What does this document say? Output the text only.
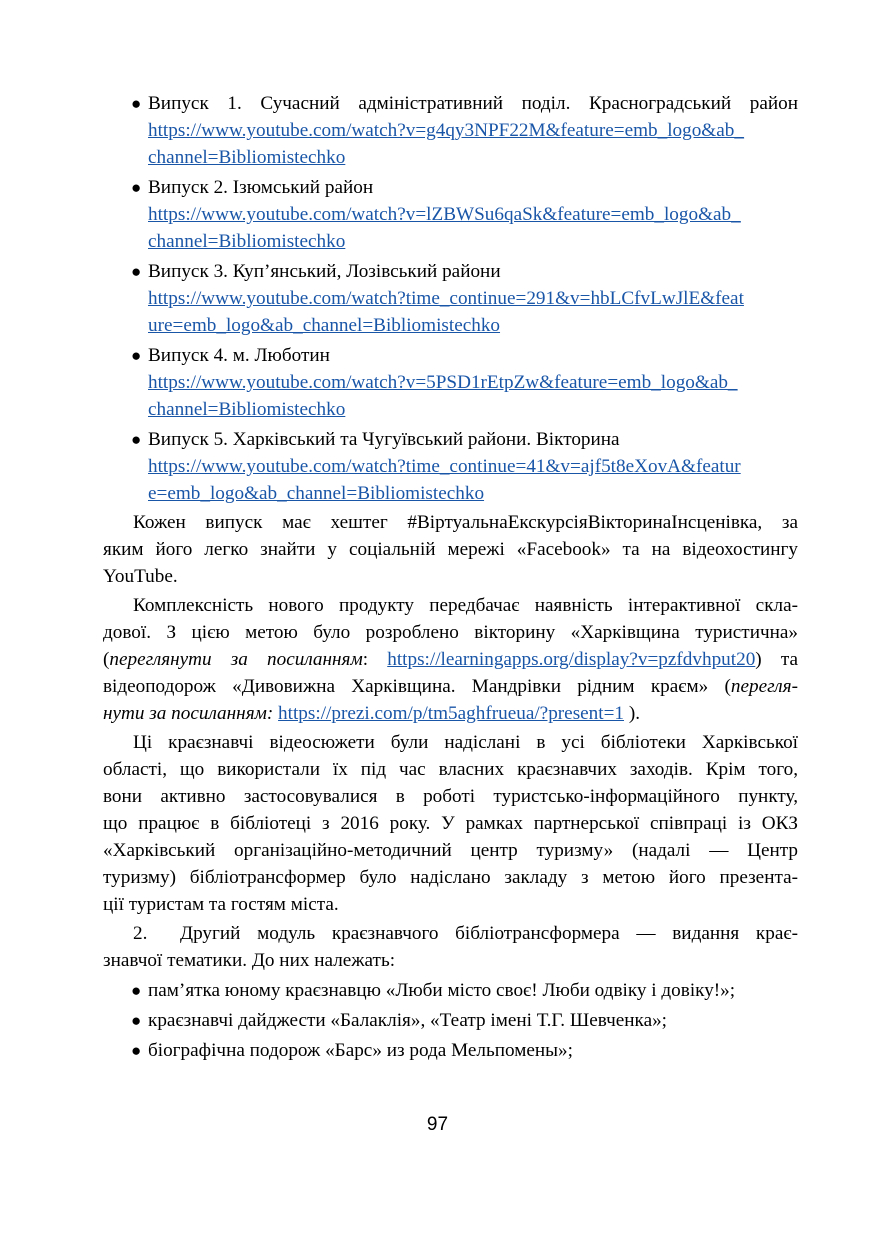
● Випуск 1. Сучасний адміністративний поділ. Красноградський район
https://www.youtube.com/watch?v=g4qy3NPF22M&feature=emb_logo&ab_
channel=Bibliomistechko
● Випуск 2. Ізюмський район
https://www.youtube.com/watch?v=lZBWSu6qaSk&feature=emb_logo&ab_
channel=Bibliomistechko
● Випуск 3. Куп’янський, Лозівський райони
https://www.youtube.com/watch?time_continue=291&v=hbLCfvLwJlE&feat
ure=emb_logo&ab_channel=Bibliomistechko
● Випуск 4. м. Люботин
https://www.youtube.com/watch?v=5PSD1rEtpZw&feature=emb_logo&ab_
channel=Bibliomistechko
● Випуск 5. Харківський та Чугуївський райони. Вікторина
https://www.youtube.com/watch?time_continue=41&v=ajf5t8eXovA&featur
e=emb_logo&ab_channel=Bibliomistechko
Кожен випуск має хештег #ВіртуальнаЕкскурсіяВікторинаІнсценівка, за
яким його легко знайти у соціальній мережі «Facebook» та на відеохостингу
YouTube.
Комплексність нового продукту передбачає наявність інтерактивної скла-
дової. З цією метою було розроблено вікторину «Харківщина туристична»
(переглянути за посиланням: https://learningapps.org/display?v=pzfdvhput20) та
відеоподорож «Дивовижна Харківщина. Мандрівки рідним краєм» (перегля-
нути за посиланням: https://prezi.com/p/tm5aghfrueua/?present=1 ).
Ці краєзнавчі відеосюжети були надіслані в усі бібліотеки Харківської
області, що використали їх під час власних краєзнавчих заходів. Крім того,
вони активно застосовувалися в роботі туристсько-інформаційного пункту,
що працює в бібліотеці з 2016 року. У рамках партнерської співпраці із ОКЗ
«Харківський організаційно-методичний центр туризму» (надалі — Центр
туризму) бібліотрансформер було надіслано закладу з метою його презента-
ції туристам та гостям міста.
2.	Другий модуль краєзнавчого бібліотрансформера — видання крає-
знавчої тематики. До них належать:
● пам’ятка юному краєзнавцю «Люби місто своє! Люби одвіку і довіку!»;
● краєзнавчі дайджести «Балаклія», «Театр імені Т.Г. Шевченка»;
● біографічна подорож «Барс» из рода Мельпомены»;
97
